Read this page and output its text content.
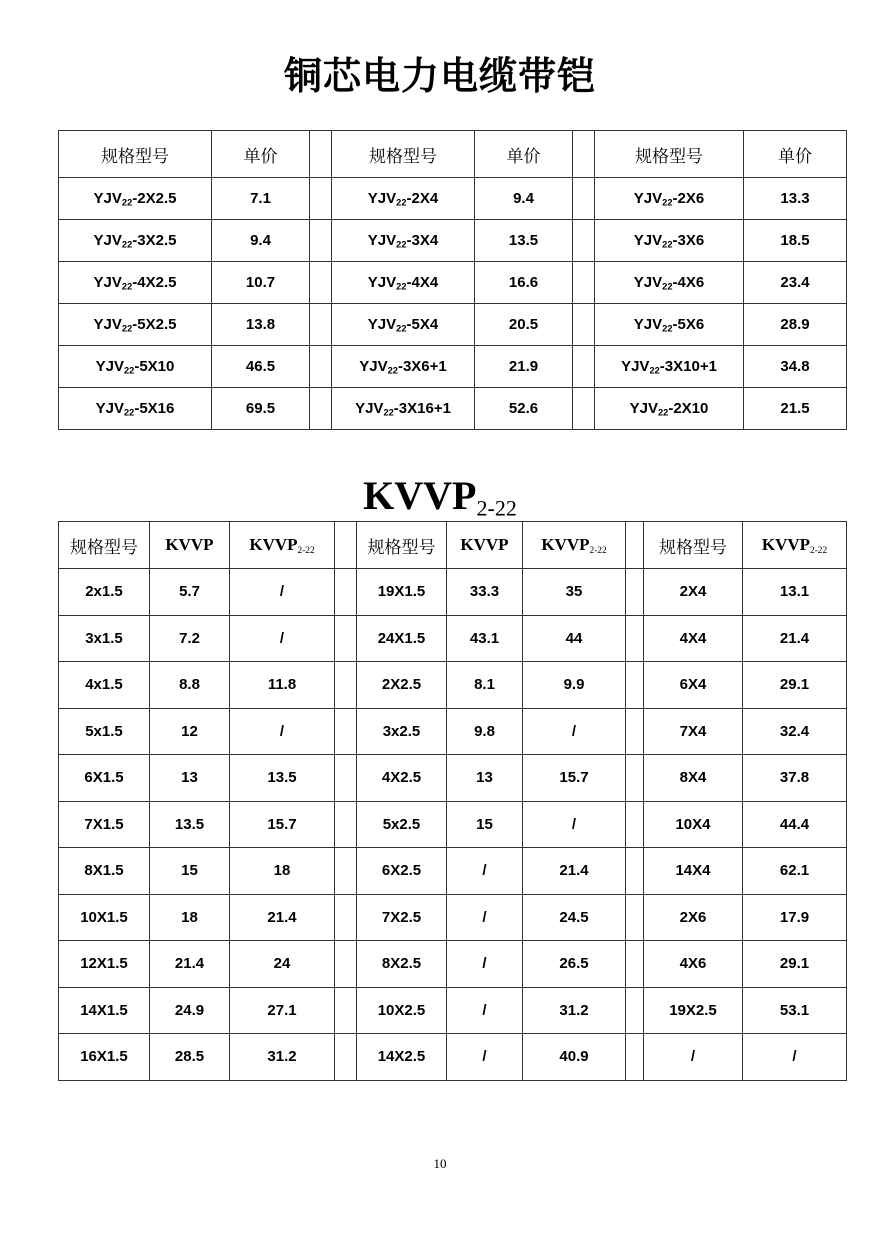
铜芯电力电缆带铠
$KVVP_{2-22}$
规格型号	单价		规格型号	单价		规格型号	单价
$YJV_{22}-2X2.5$	7.1		$YJV_{22}-2X4$	9.4		$YJV_{22}-2X6$	13.3
$YJV_{22}-3X2.5$	9.4		$YJV_{22}-3X4$	13.5		$YJV_{22}-3X6$	18.5
$YJV_{22}-4X2.5$	10.7		$YJV_{22}-4X4$	16.6		$YJV_{22}-4X6$	23.4
$YJV_{22}-5X2.5$	13.8		$YJV_{22}-5X4$	20.5		$YJV_{22}-5X6$	28.9
$YJV_{22}-5X10$	46.5		$YJV_{22}-3X6+1$	21.9		$YJV_{22}-3X10+1$	34.8
$YJV_{22}-5X16$	69.5		$YJV_{22}-3X16+1$	52.6		$YJV_{22}-2X10$	21.5
规格型号	KVVP	$KVVP_{2-22}$		规格型号	KVVP	$KVVP_{2-22}$		规格型号	$KVVP_{2-22}$
2x1.5	5.7	/		19X1.5	33.3	35		2X4	13.1
3x1.5	7.2	/		24X1.5	43.1	44		4X4	21.4
4x1.5	8.8	11.8		2X2.5	8.1	9.9		6X4	29.1
5x1.5	12	/		3x2.5	9.8	/		7X4	32.4
6X1.5	13	13.5		4X2.5	13	15.7		8X4	37.8
7X1.5	13.5	15.7		5x2.5	15	/		10X4	44.4
8X1.5	15	18		6X2.5	/	21.4		14X4	62.1
10X1.5	18	21.4		7X2.5	/	24.5		2X6	17.9
12X1.5	21.4	24		8X2.5	/	26.5		4X6	29.1
14X1.5	24.9	27.1		10X2.5	/	31.2		19X2.5	53.1
16X1.5	28.5	31.2		14X2.5	/	40.9		/	/
10
